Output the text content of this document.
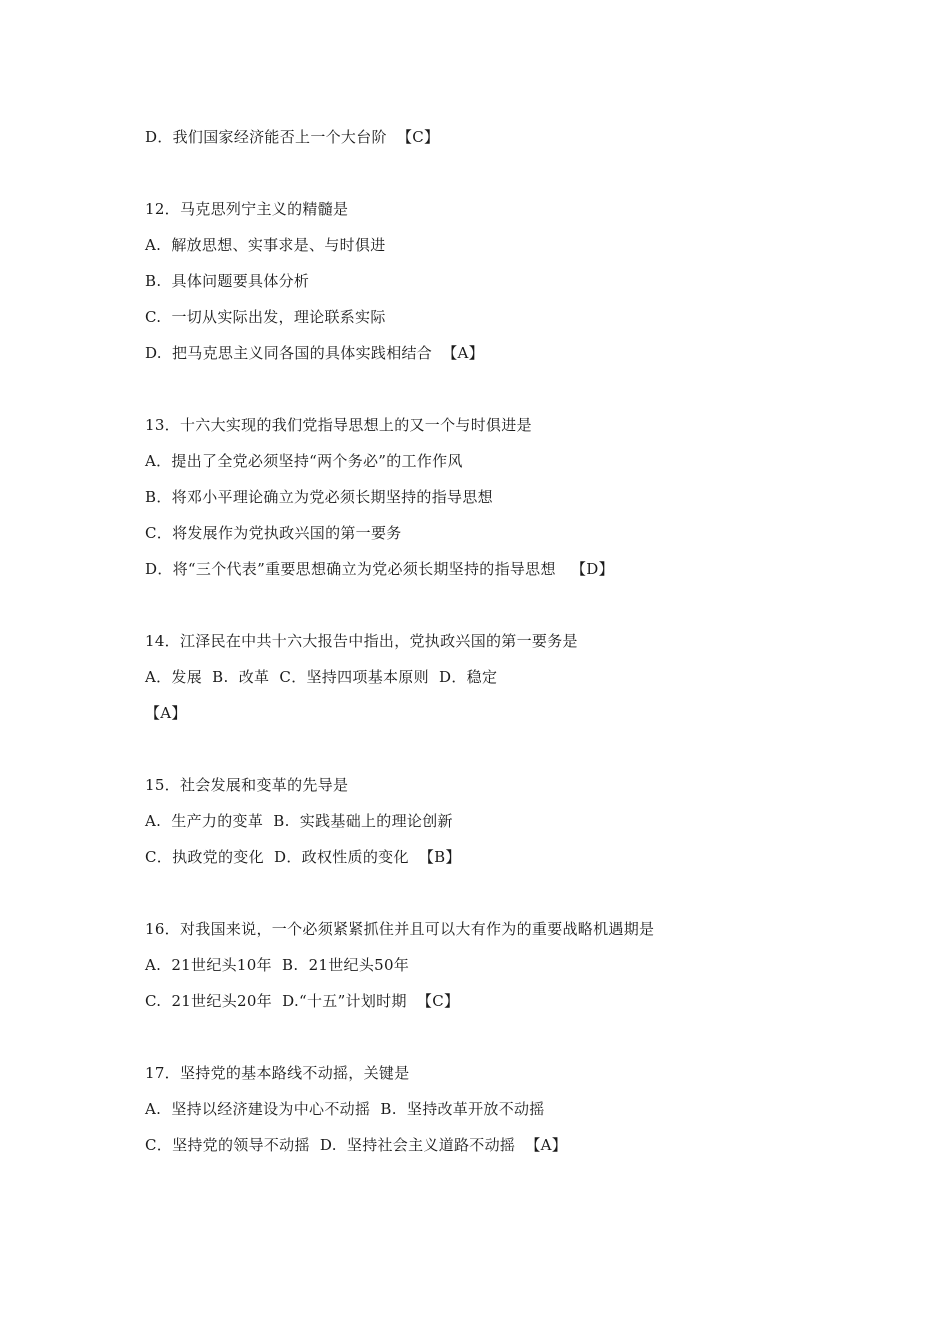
D．我们国家经济能否上一个大台阶  【C】
12．马克思列宁主义的精髓是
A.  解放思想、实事求是、与时俱进
B.  具体问题要具体分析
C.  一切从实际出发，理论联系实际
D.  把马克思主义同各国的具体实践相结合  【A】
13．十六大实现的我们党指导思想上的又一个与时俱进是
A．提出了全党必须坚持“两个务必”的工作作风
B．将邓小平理论确立为党必须长期坚持的指导思想
C．将发展作为党执政兴国的第一要务
D．将“三个代表”重要思想确立为党必须长期坚持的指导思想   【D】
14．江泽民在中共十六大报告中指出，党执政兴国的第一要务是
A．发展  B.  改革  C．坚持四项基本原则  D．稳定
【A】
15．社会发展和变革的先导是
A.  生产力的变革  B.  实践基础上的理论创新
C．执政党的变化  D．政权性质的变化  【B】
16．对我国来说，一个必须紧紧抓住并且可以大有作为的重要战略机遇期是
A.  21世纪头10年  B.  21世纪头50年
C.  21世纪头20年  D.“十五”计划时期  【C】
17．坚持党的基本路线不动摇，关键是
A.  坚持以经济建设为中心不动摇  B.  坚持改革开放不动摇
C．坚持党的领导不动摇  D.  坚持社会主义道路不动摇  【A】
